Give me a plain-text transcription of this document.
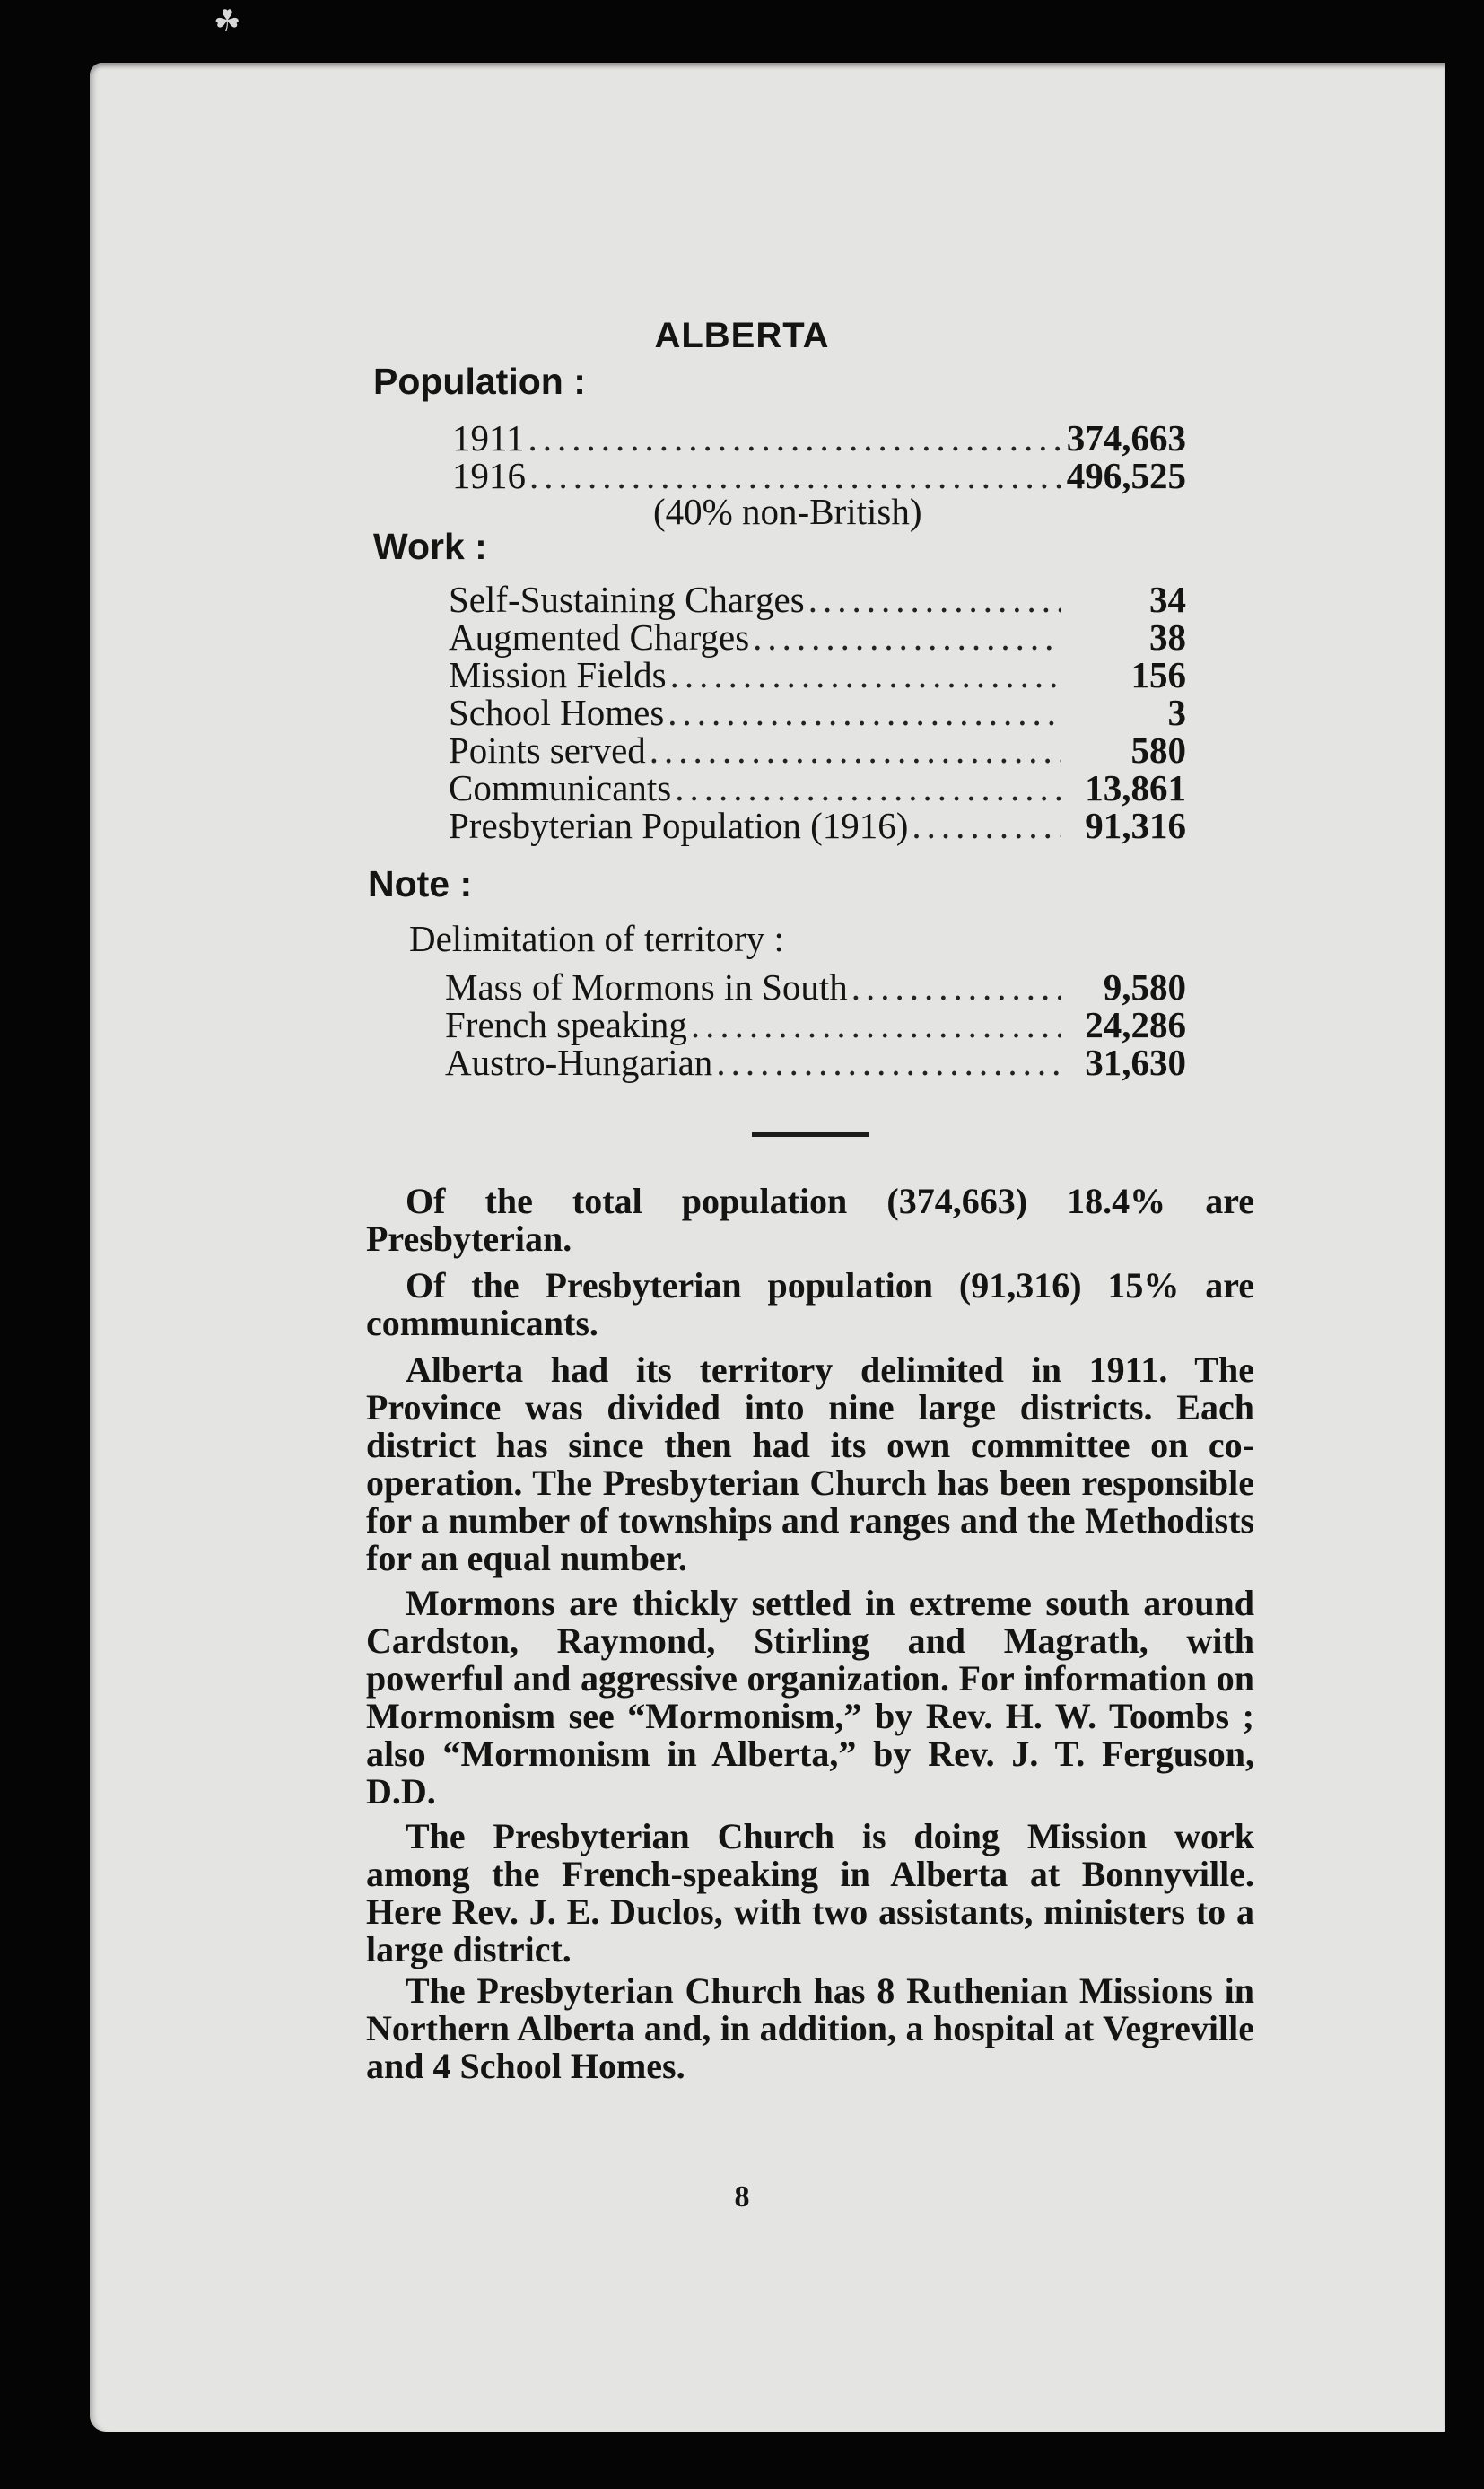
☘
ALBERTA
Population :
1911 .....	374,663
1916 .....	496,525
(40% non-British)
Work :
Self-Sustaining Charges .....	34
Augmented Charges .....	38
Mission Fields .....	156
School Homes .....	3
Points served .....	580
Communicants .....	13,861
Presbyterian Population (1916) .....	91,316
Note :
Delimitation of territory :
Mass of Mormons in South .....	9,580
French speaking .....	24,286
Austro-Hungarian .....	31,630

Of the total population (374,663) 18.4% are Presbyterian.

Of the Presbyterian population (91,316) 15% are communicants.

Alberta had its territory delimited in 1911. The Province was divided into nine large districts. Each district has since then had its own committee on co-operation. The Presbyterian Church has been responsible for a number of townships and ranges and the Methodists for an equal number.

Mormons are thickly settled in extreme south around Cardston, Raymond, Stirling and Magrath, with powerful and aggressive organization. For information on Mormonism see “Mormonism,” by Rev. H. W. Toombs ; also “Mormonism in Alberta,” by Rev. J. T. Ferguson, D.D.

The Presbyterian Church is doing Mission work among the French-speaking in Alberta at Bonnyville. Here Rev. J. E. Duclos, with two assistants, ministers to a large district.

The Presbyterian Church has 8 Ruthenian Missions in Northern Alberta and, in addition, a hospital at Vegreville and 4 School Homes.

8
